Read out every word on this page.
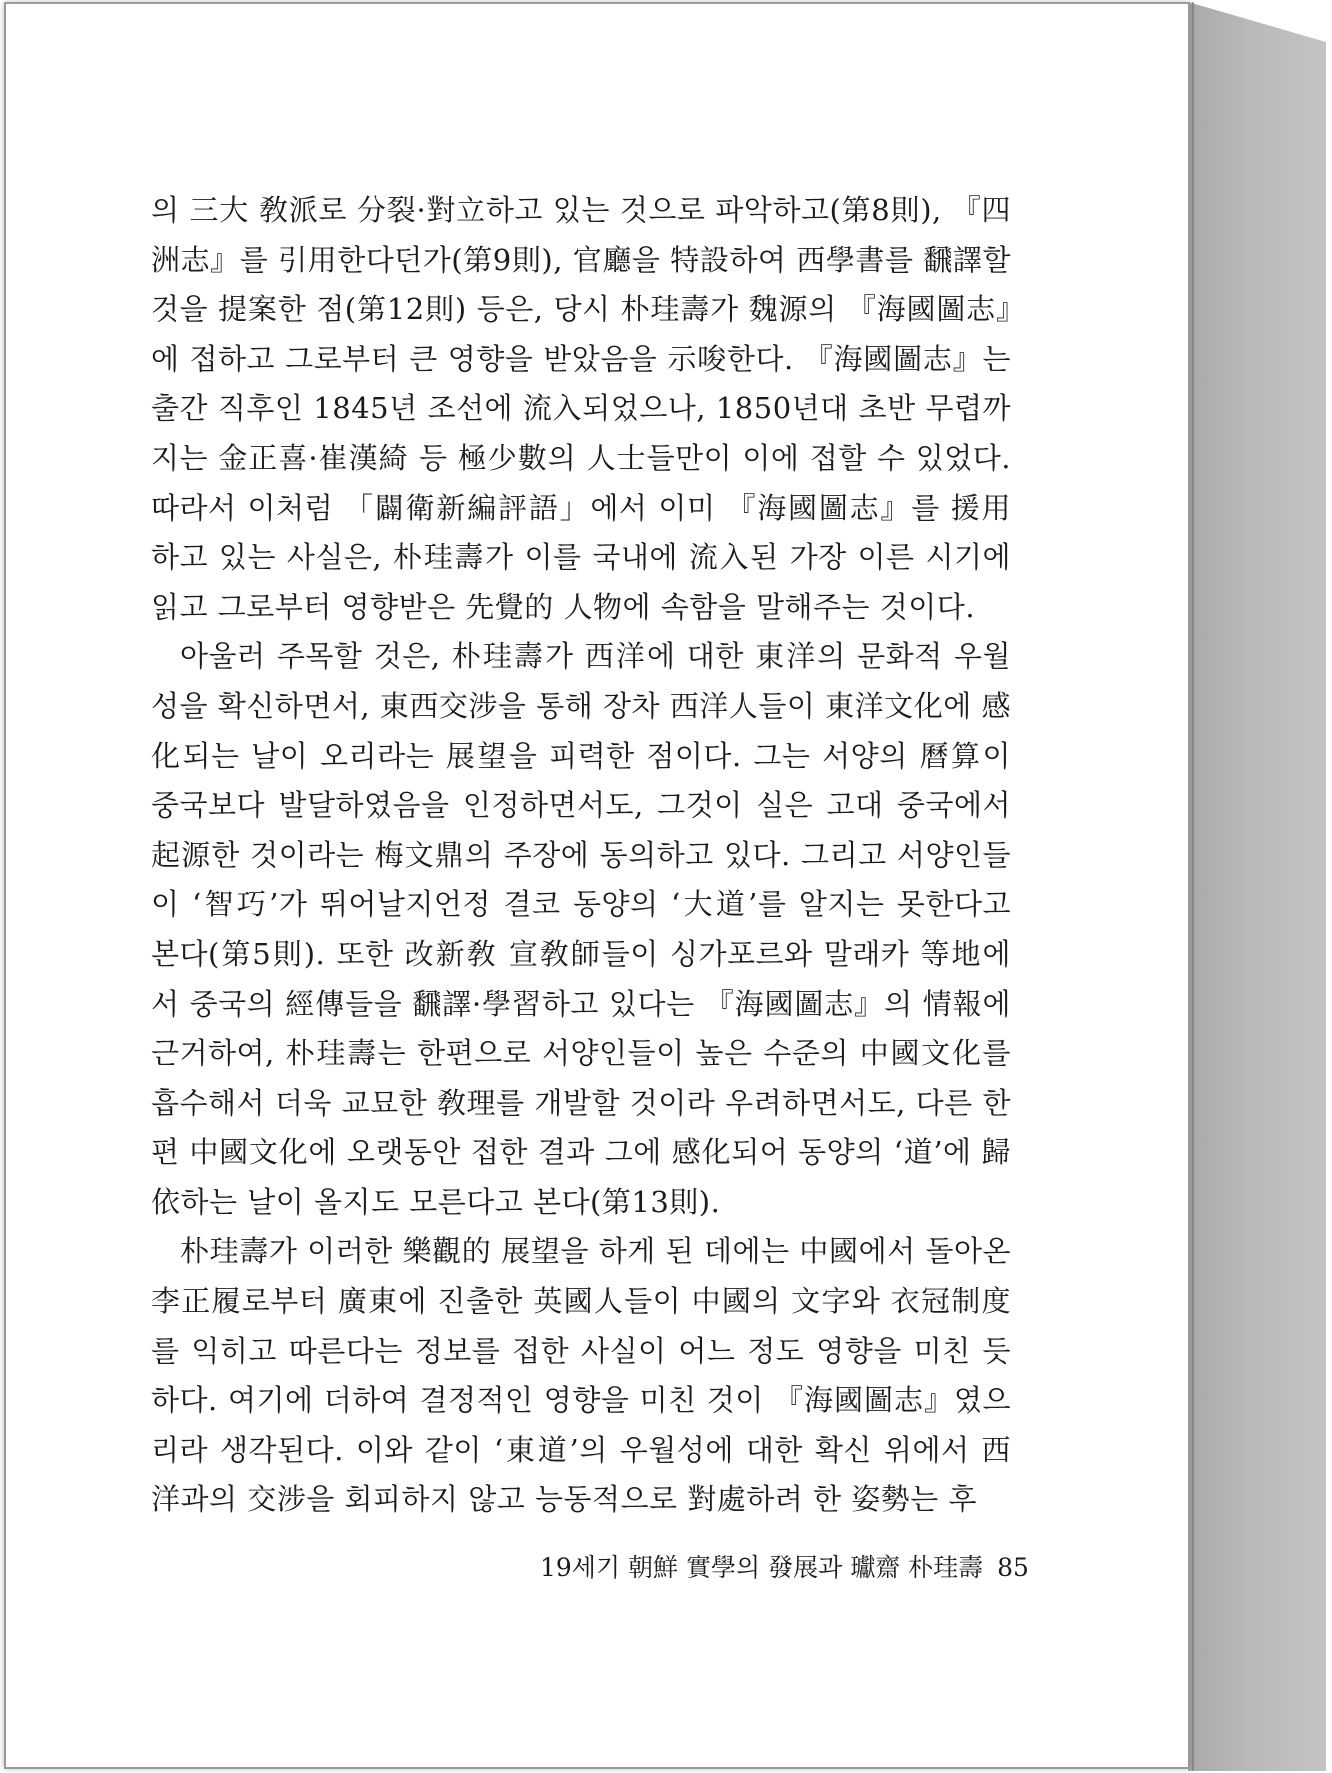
의 三大 敎派로 分裂·對立하고 있는 것으로 파악하고(第8則), 『四洲志』를 引用한다던가(第9則), 官廳을 特設하여 西學書를 飜譯할 것을 提案한 점(第12則) 등은, 당시 朴珪壽가 魏源의 『海國圖志』에 접하고 그로부터 큰 영향을 받았음을 示唆한다. 『海國圖志』는 출간 직후인 1845년 조선에 流入되었으나, 1850년대 초반 무렵까지는 金正喜·崔漢綺 등 極少數의 人士들만이 이에 접할 수 있었다. 따라서 이처럼 「闢衛新編評語」에서 이미 『海國圖志』를 援用하고 있는 사실은, 朴珪壽가 이를 국내에 流入된 가장 이른 시기에 읽고 그로부터 영향받은 先覺的 人物에 속함을 말해주는 것이다.

아울러 주목할 것은, 朴珪壽가 西洋에 대한 東洋의 문화적 우월성을 확신하면서, 東西交涉을 통해 장차 西洋人들이 東洋文化에 感化되는 날이 오리라는 展望을 피력한 점이다. 그는 서양의 曆算이 중국보다 발달하였음을 인정하면서도, 그것이 실은 고대 중국에서 起源한 것이라는 梅文鼎의 주장에 동의하고 있다. 그리고 서양인들이 ‘智巧’가 뛰어날지언정 결코 동양의 ‘大道’를 알지는 못한다고 본다(第5則). 또한 改新敎 宣敎師들이 싱가포르와 말래카 等地에서 중국의 經傳들을 飜譯·學習하고 있다는 『海國圖志』의 情報에 근거하여, 朴珪壽는 한편으로 서양인들이 높은 수준의 中國文化를 흡수해서 더욱 교묘한 敎理를 개발할 것이라 우려하면서도, 다른 한편 中國文化에 오랫동안 접한 결과 그에 感化되어 동양의 ‘道’에 歸依하는 날이 올지도 모른다고 본다(第13則).

朴珪壽가 이러한 樂觀的 展望을 하게 된 데에는 中國에서 돌아온 李正履로부터 廣東에 진출한 英國人들이 中國의 文字와 衣冠制度를 익히고 따른다는 정보를 접한 사실이 어느 정도 영향을 미친 듯하다. 여기에 더하여 결정적인 영향을 미친 것이 『海國圖志』였으리라 생각된다. 이와 같이 ‘東道’의 우월성에 대한 확신 위에서 西洋과의 交涉을 회피하지 않고 능동적으로 對處하려 한 姿勢는 후

19세기 朝鮮 實學의 發展과 瓛齋 朴珪壽 85
